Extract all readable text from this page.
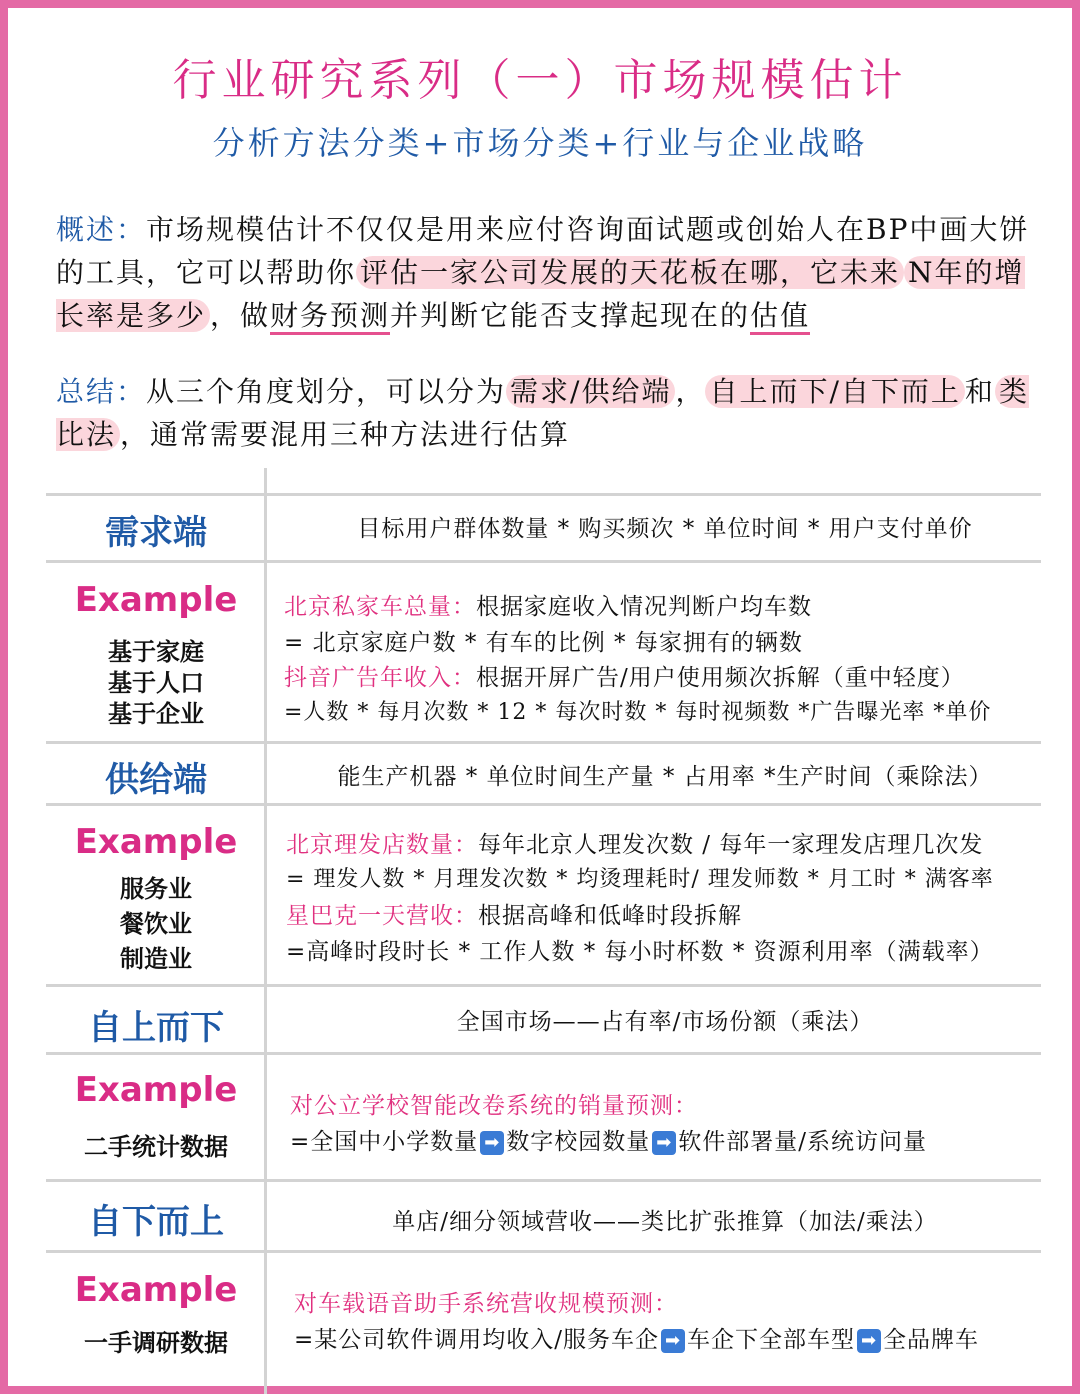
行业研究系列（一）市场规模估计
分析方法分类+市场分类+行业与企业战略
概述：市场规模估计不仅仅是用来应付咨询面试题或创始人在BP中画大饼的工具，它可以帮助你 评估一家公司发展的天花板在哪，它未来 N年的增长率是多少 ，做财务预测并判断它能否支撑起现在的估值
总结：从三个角度划分，可以分为 需求/供给端 ， 自上而下/自下而上 和 类比法 ，通常需要混用三种方法进行估算
需求端	目标用户群体数量 * 购买频次 * 单位时间 * 用户支付单价
Example
基于家庭
基于人口
基于企业
北京私家车总量：根据家庭收入情况判断户均车数
= 北京家庭户数 * 有车的比例 * 每家拥有的辆数
抖音广告年收入：根据开屏广告/用户使用频次拆解（重中轻度）
=人数 * 每月次数 * 12 * 每次时数 * 每时视频数 *广告曝光率 *单价
供给端	能生产机器 * 单位时间生产量 * 占用率 *生产时间（乘除法）
Example
服务业
餐饮业
制造业
北京理发店数量：每年北京人理发次数 / 每年一家理发店理几次发
= 理发人数 * 月理发次数 * 均烫理耗时/ 理发师数 * 月工时 * 满客率
星巴克一天营收：根据高峰和低峰时段拆解
=高峰时段时长 * 工作人数 * 每小时杯数 * 资源利用率（满载率）
自上而下	全国市场——占有率/市场份额（乘法）
Example
二手统计数据
对公立学校智能改卷系统的销量预测：
=全国中小学数量 ➡ 数字校园数量 ➡ 软件部署量/系统访问量
自下而上	单店/细分领域营收——类比扩张推算（加法/乘法）
Example
一手调研数据
对车载语音助手系统营收规模预测：
=某公司软件调用均收入/服务车企 ➡ 车企下全部车型 ➡ 全品牌车
